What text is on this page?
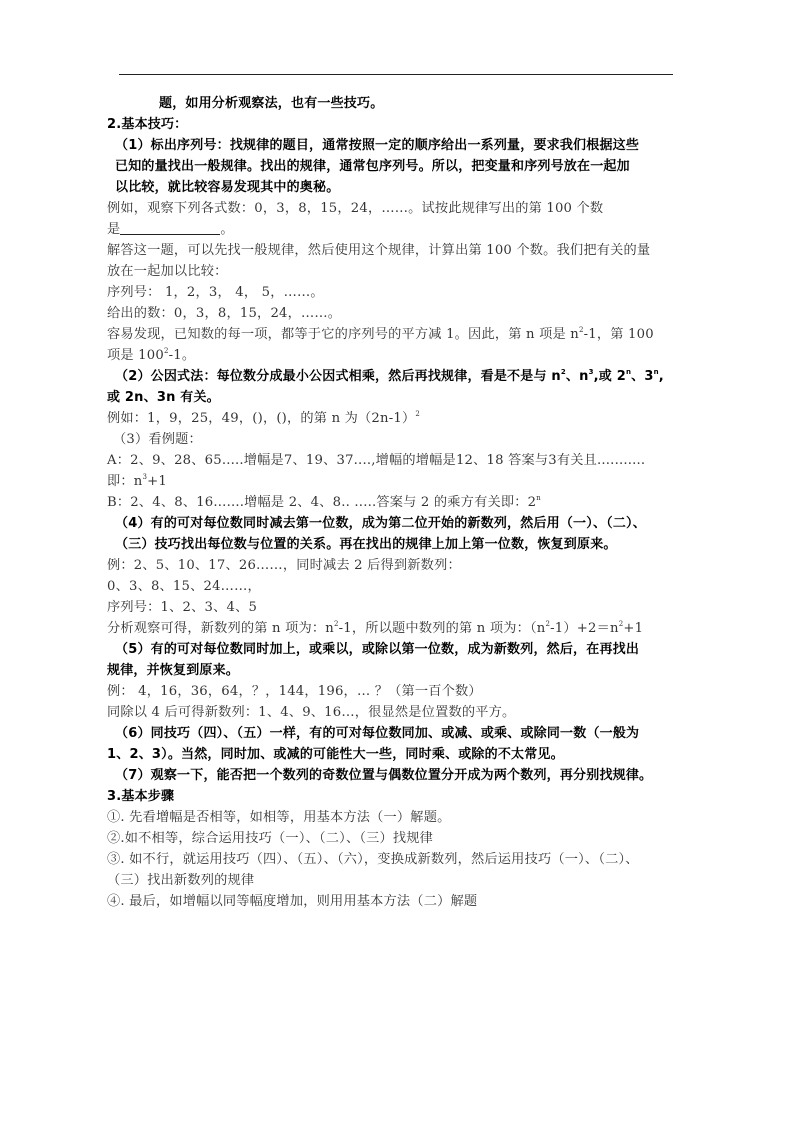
题，如用分析观察法，也有一些技巧。
2.基本技巧：
（1）标出序列号：找规律的题目，通常按照一定的顺序给出一系列量，要求我们根据这些
已知的量找出一般规律。找出的规律，通常包序列号。所以，把变量和序列号放在一起加
以比较，就比较容易发现其中的奥秘。
例如，观察下列各式数：0，3，8，15，24，……。试按此规律写出的第 100 个数
是	。
解答这一题，可以先找一般规律，然后使用这个规律，计算出第 100 个数。我们把有关的量
放在一起加以比较：
序列号： 1，2，3， 4， 5，……。
给出的数：0，3，8，15，24，……。
容易发现，已知数的每一项，都等于它的序列号的平方减 1。因此，第 n 项是 $n^2-1$，第 100
项是 $100^2-1$。
（2）公因式法：每位数分成最小公因式相乘，然后再找规律，看是不是与 $n^2$、$n^3$,或 2$^n$、3$^n$,
或 2n、3n 有关。
例如：1，9，25，49，()，()，的第 n 为$(2n-1)^2$
（3）看例题：
A：2、9、28、65.....增幅是7、19、37....,增幅的增幅是12、18 答案与3有关且...........
即：$n^3+1$
B：2、4、8、16.......增幅是 2、4、8.. .....答案与 2 的乘方有关即：2$^n$
（4）有的可对每位数同时减去第一位数，成为第二位开始的新数列，然后用（一）、（二）、
（三）技巧找出每位数与位置的关系。再在找出的规律上加上第一位数，恢复到原来。
例：2、5、10、17、26……，同时减去 2 后得到新数列：
0、3、8、15、24……，
序列号：1、2、3、4、5
分析观察可得，新数列的第 n 项为：$n^2-1$，所以题中数列的第 n 项为：$(n^2-1)+2=n^2+1$
（5）有的可对每位数同时加上，或乘以，或除以第一位数，成为新数列，然后，在再找出
规律，并恢复到原来。
例： 4，16，36，64，？，144，196，… ？（第一百个数）
同除以 4 后可得新数列：1、4、9、16…，很显然是位置数的平方。
（6）同技巧（四）、（五）一样，有的可对每位数同加、或减、或乘、或除同一数（一般为
1、2、3）。当然，同时加、或减的可能性大一些，同时乘、或除的不太常见。
（7）观察一下，能否把一个数列的奇数位置与偶数位置分开成为两个数列，再分别找规律。
3.基本步骤
①. 先看增幅是否相等，如相等，用基本方法（一）解题。
②.如不相等，综合运用技巧（一）、（二）、（三）找规律
③. 如不行，就运用技巧（四）、（五）、（六），变换成新数列，然后运用技巧（一）、（二）、
（三）找出新数列的规律
④. 最后，如增幅以同等幅度增加，则用用基本方法（二）解题
